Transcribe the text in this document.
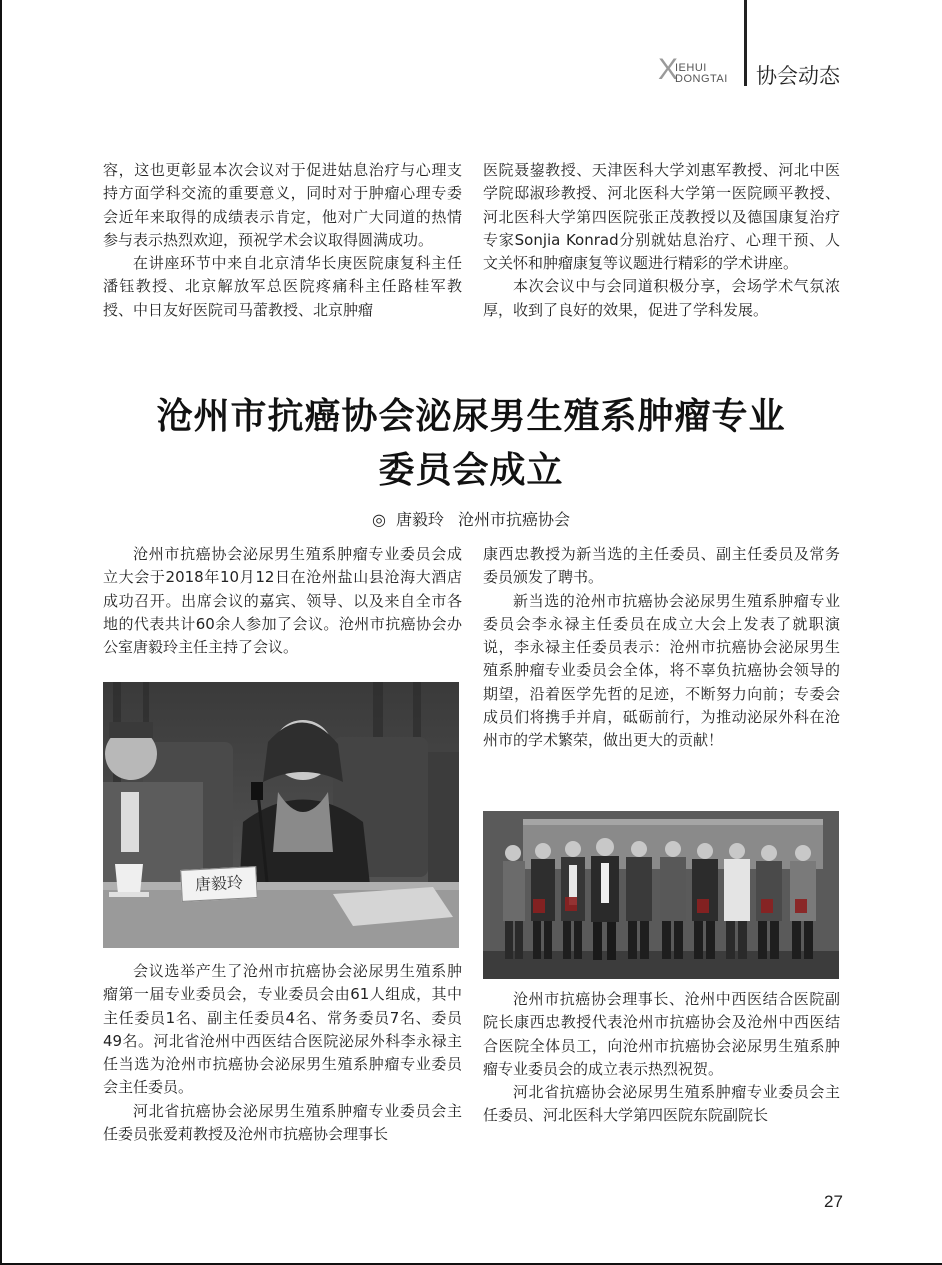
X
IEHUI
DONGTAI 协会动态

容，这也更彰显本次会议对于促进姑息治疗与心理支持方面学科交流的重要意义，同时对于肿瘤心理专委会近年来取得的成绩表示肯定，他对广大同道的热情参与表示热烈欢迎，预祝学术会议取得圆满成功。

在讲座环节中来自北京清华长庚医院康复科主任潘钰教授、北京解放军总医院疼痛科主任路桂军教授、中日友好医院司马蕾教授、北京肿瘤

医院聂鋆教授、天津医科大学刘惠军教授、河北中医学院邸淑珍教授、河北医科大学第一医院顾平教授、河北医科大学第四医院张正茂教授以及德国康复治疗专家Sonjia Konrad分别就姑息治疗、心理干预、人文关怀和肿瘤康复等议题进行精彩的学术讲座。

本次会议中与会同道积极分享，会场学术气氛浓厚，收到了良好的效果，促进了学科发展。

沧州市抗癌协会泌尿男生殖系肿瘤专业
委员会成立
◎ 唐毅玲 沧州市抗癌协会

沧州市抗癌协会泌尿男生殖系肿瘤专业委员会成立大会于2018年10月12日在沧州盐山县沧海大酒店成功召开。出席会议的嘉宾、领导、以及来自全市各地的代表共计60余人参加了会议。沧州市抗癌协会办公室唐毅玲主任主持了会议。

唐毅玲

会议选举产生了沧州市抗癌协会泌尿男生殖系肿瘤第一届专业委员会，专业委员会由61人组成，其中主任委员1名、副主任委员4名、常务委员7名、委员49名。河北省沧州中西医结合医院泌尿外科李永禄主任当选为沧州市抗癌协会泌尿男生殖系肿瘤专业委员会主任委员。

河北省抗癌协会泌尿男生殖系肿瘤专业委员会主任委员张爱莉教授及沧州市抗癌协会理事长

康西忠教授为新当选的主任委员、副主任委员及常务委员颁发了聘书。

新当选的沧州市抗癌协会泌尿男生殖系肿瘤专业委员会李永禄主任委员在成立大会上发表了就职演说，李永禄主任委员表示：沧州市抗癌协会泌尿男生殖系肿瘤专业委员会全体，将不辜负抗癌协会领导的期望，沿着医学先哲的足迹，不断努力向前；专委会成员们将携手并肩，砥砺前行，为推动泌尿外科在沧州市的学术繁荣，做出更大的贡献！

沧州市抗癌协会理事长、沧州中西医结合医院副院长康西忠教授代表沧州市抗癌协会及沧州中西医结合医院全体员工，向沧州市抗癌协会泌尿男生殖系肿瘤专业委员会的成立表示热烈祝贺。

河北省抗癌协会泌尿男生殖系肿瘤专业委员会主任委员、河北医科大学第四医院东院副院长

27
